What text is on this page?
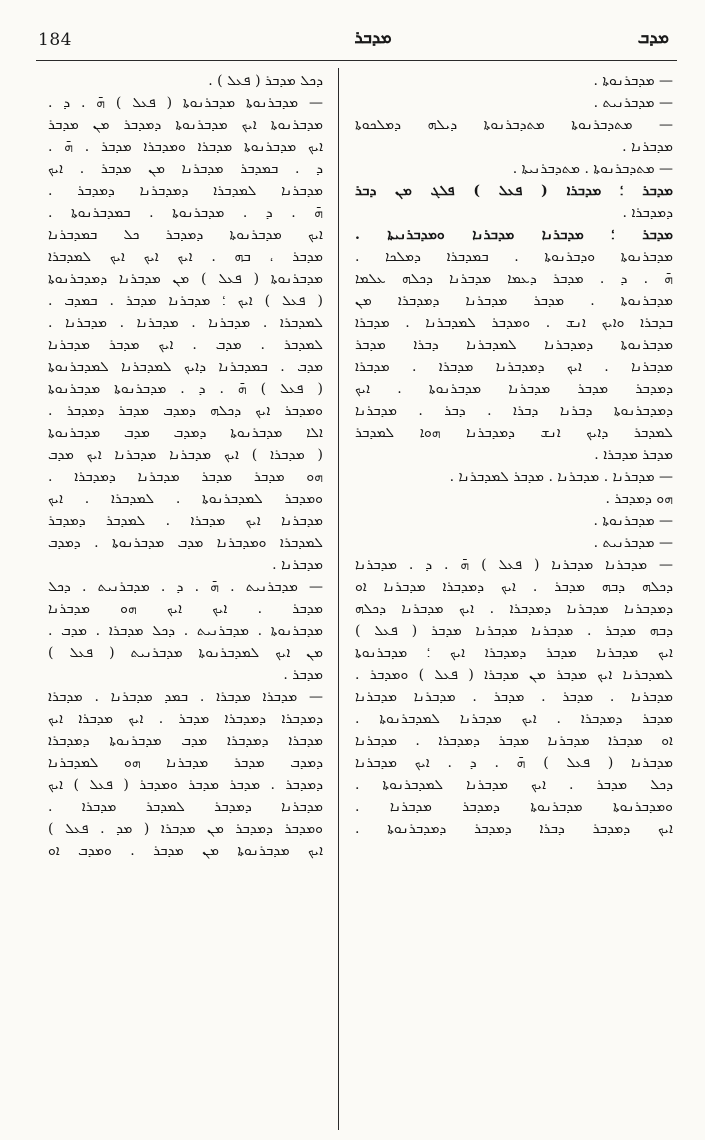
184	ܡܕܒܪ	ܡܕܒ
ܕܟܠ ܡܕܒܪ ( ܦܥܠ ) .
— ܡܕܒܪܢܘܬܐ ܡܕܒܪܢܘܬܐ ( ܦܥܠ ) ܗ̄ . ܕ .
ܡܕܒܪܢܘܬܐ ܐܝܟ ܡܕܒܪܢܘܬܐ ܕܡܕܒܪ ܡܢ ܡܕܒܪ
ܐܝܟ ܡܕܒܪܢܘܬܐ ܡܕܒܪܐ ܘܡܕܒܪܐ ܡܕܒܪ . ܗ̄ .
ܕ . ܒܡܕܒܪ ܡܕܒܪܢܐ ܡܢ ܡܕܒܪ . ܐܝܟ
ܡܕܒܪܢܐ ܠܡܕܒܪܐ ܕܡܕܒܪܢܐ ܕܡܕܒܪ .
ܗ̄ . ܕ . ܡܕܒܪܢܘܬܐ . ܒܡܕܒܪܢܘܬܐ .
ܐܝܟ ܡܕܒܪܢܘܬܐ ܕܡܕܒܪ ܟܠ ܒܡܕܒܪܢܐ
ܡܕܒܪ ، ܒܗ . ܐܝܟ ܐܝܟ ܐܝܟ ܠܡܕܒܪܐ
ܡܕܒܪܢܘܬܐ ( ܦܥܠ ) ܡܢ ܡܕܒܪܢܐ ܕܡܕܒܪܢܘܬܐ
( ܦܥܠ ) ܐܝܟ ؛ ܡܕܒܪܢܐ ܡܕܒܪ . ܒܡܕܒ .
ܠܡܕܒܪܐ . ܡܕܒܪܢܐ . ܡܕܒܪܢܐ . ܡܕܒܪܢܐ .
ܠܡܕܒܪ . ܡܕܒ . ܐܝܟ ܡܕܒܪ ܡܕܒܪܢܐ
ܡܕܒ . ܒܡܕܒܪܢܐ ܕܐܝܟ ܠܡܕܒܪܢܐ ܠܡܕܒܪܢܘܬܐ
( ܦܥܠ ) ܗ̄ . ܕ . ܡܕܒܪܢܘܬܐ ܡܕܒܪܢܘܬܐ
ܘܡܕܒܪ ܐܝܟ ܕܟܠܗ ܕܡܕܒ ܡܕܒܪ ܕܡܕܒܪ .
ܐܠܐ ܡܕܒܪܢܘܬܐ ܕܡܕܒ ܡܕܒ ܡܕܒܪܢܘܬܐ
( ܡܕܒܪܐ ) ܐܝܟ ܡܕܒܪܢܐ ܡܕܒܪܢܐ ܐܝܟ ܡܕܒ
ܗܘ ܡܕܒܪ ܡܕܒܪ ܡܕܒܪܢܐ ܕܡܕܒܪܐ .
ܘܡܕܒܪ ܠܡܕܒܪܢܘܬܐ . ܠܡܕܒܪܐ . ܐܝܟ
ܡܕܒܪܢܐ ܐܝܟ ܡܕܒܪܐ . ܠܡܕܒܪ ܕܡܕܒܪ
ܠܡܕܒܪܐ ܘܡܕܒܪܢܐ ܡܕܒ ܡܕܒܪܢܘܬܐ . ܕܡܕܒ
ܡܕܒܪܢܐ .
— ܡܕܒܪܢܝܬ . ܗ̄ . ܕ . ܡܕܒܪܢܝܬ . ܕܟܠ
ܡܕܒܪ . ܐܝܟ ܐܝܟ ܗܘ ܡܕܒܪܢܐ
ܡܕܒܪܢܘܬܐ . ܡܕܒܪܢܝܬ . ܕܟܠ ܡܕܒܪܐ . ܡܕܒ .
ܡܢ ܐܝܟ ܠܡܕܒܪܢܘܬܐ ܡܕܒܪܢܝܬ ( ܦܥܠ )
ܡܕܒܪ .
— ܡܕܒܪܐ ܡܕܒܪܐ . ܒܡܕ ܡܕܒܪܢܐ . ܡܕܒܪܐ
ܕܡܕܒܪܐ ܕܡܕܒܪܐ ܡܕܒܪ . ܐܝܟ ܡܕܒܪܐ ܐܝܟ
ܡܕܒܪܐ ܕܡܕܒܪܐ ܡܕܒ ܡܕܒܪܢܘܬܐ ܕܡܕܒܪܐ
ܕܡܕܒ ܡܕܒܪ ܡܕܒܪܢܐ ܗܘ ܠܡܕܒܪܢܐ
ܕܡܕܒܪ . ܡܕܒܪ ܡܕܒܪ ܘܡܕܒܪ ( ܦܥܠ ) ܐܝܟ
ܡܕܒܪܢܐ ܕܡܕܒܪ ܠܡܕܒܪ ܡܕܒܪܐ .
ܘܡܕܒܪ ܕܡܕܒܪ ܡܢ ܡܕܒܪܐ ( ܡܕ . ܦܥܠ )
ܐܝܟ ܡܕܒܪܢܘܬܐ ܡܢ ܡܕܒܪ . ܘܡܕܒ ܐܘ
— ܡܕܒܪܢܘܬܐ .
— ܡܕܒܪܢܝܬ .
— ܡܬܕܒܪܢܘܬܐ ܡܬܕܒܪܢܘܬܐ ܕܝܠܗ ܕܡܠܟܘܬܐ
ܡܕܒܪܢܐ .
— ܡܬܕܒܪܢܘܬܐ . ܡܬܕܒܪܢܝܬܐ .
ܡܕܒܪ ؛ ܡܕܒܪܐ ( ܦܥܠ ) ܦܠܓ ܡܢ ܕܒܪ
ܕܡܕܒܪܐ .
ܡܕܒܪ ؛ ܡܕܒܪܢܐ ܡܕܒܪܢܐ ܘܡܕܒܪܢܝܬܐ .
ܡܕܒܪܢܘܬܐ ܘܕܒܪܢܘܬܐ . ܒܡܕܒܪܐ ܕܡܠܟܐ .
ܗ̄ . ܕ . ܡܕܒܪ ܕܥܡܐ ܡܕܒܪܢܐ ܕܟܠܗ ܥܠܡܐ
ܡܕܒܪܢܘܬܐ . ܡܕܒܪ ܡܕܒܪܢܐ ܕܡܕܒܪܐ ܡܢ
ܒܕܒܪܐ ܘܐܝܟ ܐܢܫ . ܘܡܕܒܪ ܠܡܕܒܪܢܐ . ܡܕܒܪܐ
ܡܕܒܪܢܘܬܐ ܕܡܕܒܪܢܐ ܠܡܕܒܪܢܐ ܕܒܪܐ ܡܕܒܪ
ܡܕܒܪܢܐ . ܐܝܟ ܕܡܕܒܪܢܐ ܡܕܒܪܐ . ܡܕܒܪܐ
ܕܡܕܒܪ ܡܕܒܪ ܡܕܒܪܢܐ ܡܕܒܪܢܘܬܐ . ܐܝܟ
ܕܡܕܒܪܢܘܬܐ ܕܒܪܢܐ ܕܒܪܐ . ܕܒܪ . ܡܕܒܪܢܐ
ܠܡܕܒܪ ܕܐܝܟ ܐܢܫ ܕܡܕܒܪܢܐ ܗܘܐ ܠܡܕܒܪ
ܡܕܒܪ ܡܕܒܪܐ .
— ܡܕܒܪܢܐ . ܡܕܒܪܢܐ . ܡܕܒܪ ܠܡܕܒܪܢܐ .
ܗܘ ܕܡܕܒܪ .
— ܡܕܒܪܢܘܬܐ .
— ܡܕܒܪܢܝܬ .
— ܡܕܒܪܢܐ ܡܕܒܪܢܐ ( ܦܥܠ ) ܗ̄ . ܕ . ܡܕܒܪܢܐ
ܕܟܠܗ ܕܒܗ ܡܕܒܪ . ܐܝܟ ܕܡܕܒܪܐ ܡܕܒܪܢܐ ܐܘ
ܕܡܕܒܪܢܐ ܡܕܒܪܢܐ ܕܡܕܒܪܐ . ܐܝܟ ܡܕܒܪܢܐ ܕܟܠܗ
ܕܒܗ ܡܕܒܪ . ܡܕܒܪܢܐ ܡܕܒܪܢܐ ܡܕܒܪ ( ܦܥܠ )
ܐܝܟ ܡܕܒܪܢܐ ܡܕܒܪ ܕܡܕܒܪܐ ܐܝܟ ؛ ܡܕܒܪܢܘܬܐ
ܠܡܕܒܪܢܐ ܐܝܟ ܡܕܒܪ ܡܢ ܡܕܒܪܐ ( ܦܥܠ ) ܘܡܕܒܪ .
ܡܕܒܪܢܐ . ܡܕܒܪ . ܡܕܒܪ . ܡܕܒܪܢܐ ܡܕܒܪܢܐ
ܡܕܒܪ ܕܡܕܒܪܐ . ܐܝܟ ܡܕܒܪܢܐ ܠܡܕܒܪܢܘܬܐ .
ܐܘ ܡܕܒܪܐ ܡܕܒܪܢܐ ܡܕܒܪ ܕܡܕܒܪܐ . ܡܕܒܪܢܐ
ܡܕܒܪܢܐ ( ܦܥܠ ) ܗ̄ . ܕ . ܐܝܟ ܡܕܒܪܢܐ
ܕܟܠ ܡܕܒܪ . ܐܝܟ ܡܕܒܪܢܐ ܠܡܕܒܪܢܘܬܐ .
ܘܡܕܒܪܢܘܬܐ ܡܕܒܪܢܘܬܐ ܕܡܕܒܪ ܡܕܒܪܢܐ .
ܐܝܟ ܕܡܕܒܪ ܕܒܪܐ ܕܡܕܒܪ ܕܡܕܒܪܢܘܬܐ .
